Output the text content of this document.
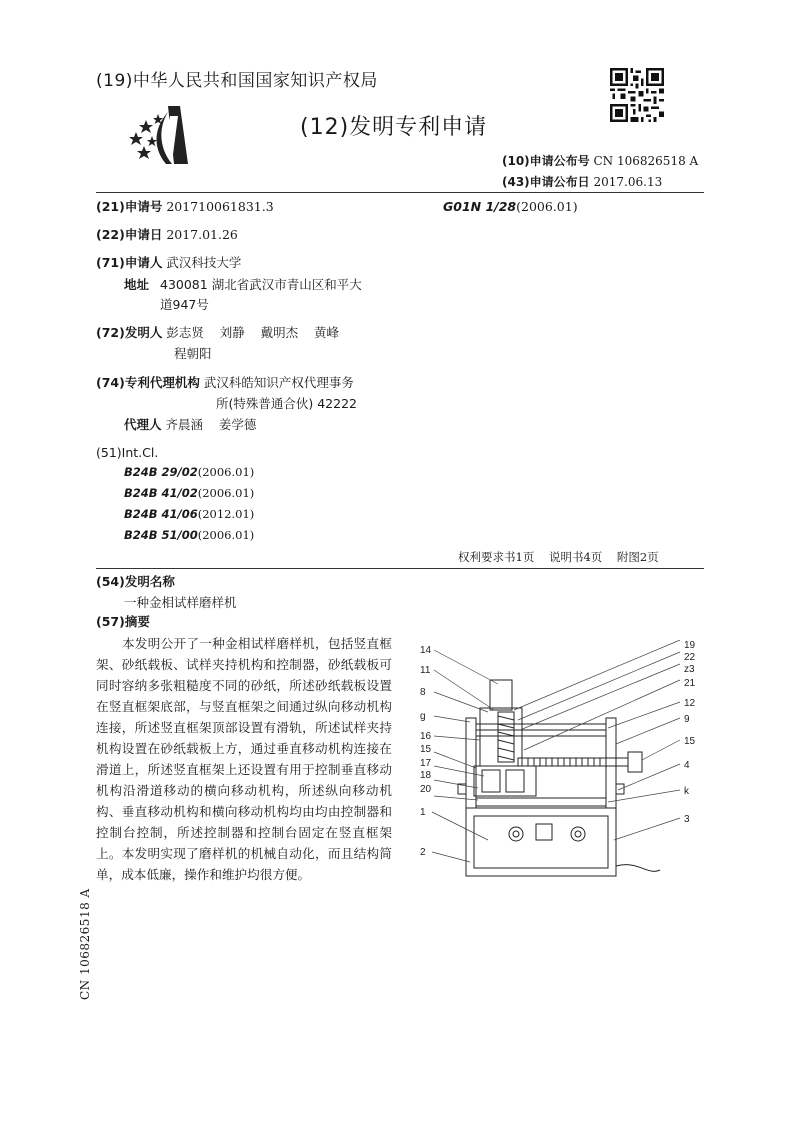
(19)中华人民共和国国家知识产权局
(12)发明专利申请
(10)申请公布号 CN 106826518 A
(43)申请公布日 2017.06.13
(21)申请号 201710061831.3	G01N 1/28(2006.01)
(22)申请日 2017.01.26
(71)申请人 武汉科技大学
地址 430081 湖北省武汉市青山区和平大
道947号
(72)发明人 彭志贤    刘静    戴明杰    黄峰
程朝阳
(74)专利代理机构 武汉科皓知识产权代理事务
所(特殊普通合伙) 42222
代理人 齐晨涵    姜学德
(51)Int.Cl.
B24B 29/02(2006.01)
B24B 41/02(2006.01)
B24B 41/06(2012.01)
B24B 51/00(2006.01)
权利要求书1页    说明书4页    附图2页
(54)发明名称
一种金相试样磨样机
(57)摘要

本发明公开了一种金相试样磨样机，包括竖直框架、砂纸载板、试样夹持机构和控制器，砂纸载板可同时容纳多张粗糙度不同的砂纸，所述砂纸载板设置在竖直框架底部，与竖直框架之间通过纵向移动机构连接，所述竖直框架顶部设置有滑轨，所述试样夹持机构设置在砂纸载板上方，通过垂直移动机构连接在滑道上，所述竖直框架上还设置有用于控制垂直移动机构沿滑道移动的横向移动机构，所述纵向移动机构、垂直移动机构和横向移动机构均由均由控制器和控制台控制，所述控制器和控制台固定在竖直框架上。本发明实现了磨样机的机械自动化，而且结构简单，成本低廉，操作和维护均很方便。

14
11
8
g
16
15
17
18
20
1
2
19
22
z3
21
12
9
15
4
k
3
CN 106826518 A
